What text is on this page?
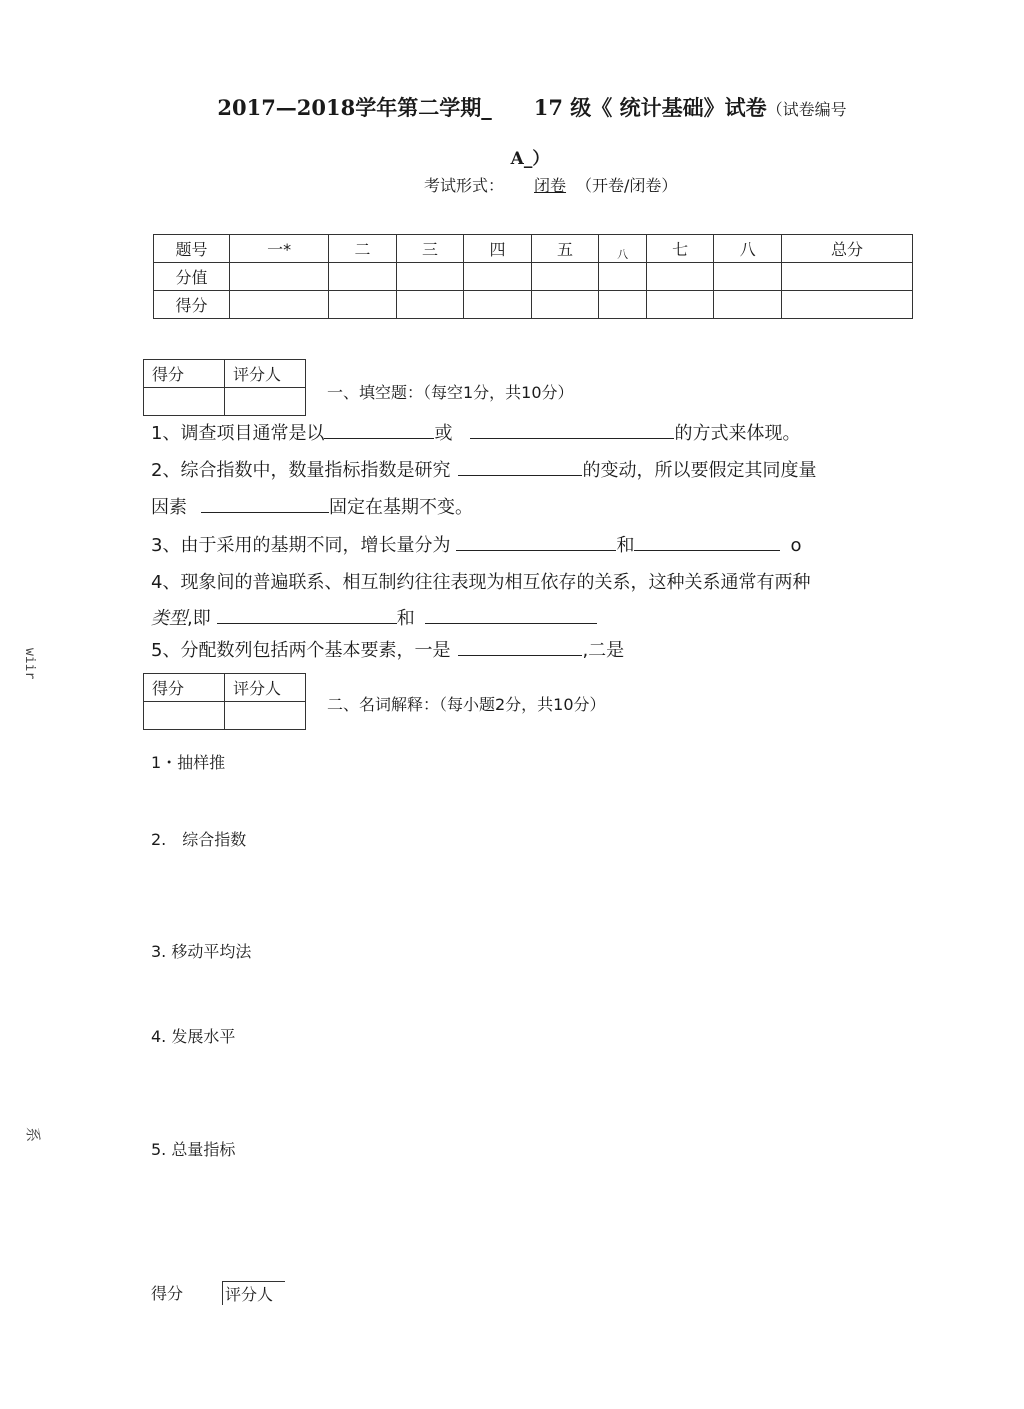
2017—2018学年第二学期_　　17 级《 统计基础》试卷（试卷编号
A_）
考试形式： 闭卷 （开卷/闭卷）
题号	一*	二	三	四	五	八	七	八	总分
分值									
得分									
得分	评分人

一、填空题：（每空1分，共10分）
1、调查项目通常是以	或	的方式来体现。
2、综合指数中，数量指标指数是研究	的变动，所以要假定其同度量
因素	固定在基期不变。
3、由于采用的基期不同，增长量分为	和	o
4、现象间的普遍联系、相互制约往往表现为相互依存的关系，这种关系通常有两种
类型,即	和
5、分配数列包括两个基本要素，一是	,二是
得分	评分人

二、名词解释：（每小题2分，共10分）
1・抽样推
2.　综合指数
3. 移动平均法
4. 发展水平
5. 总量指标
wiir
系
得分	评分人
